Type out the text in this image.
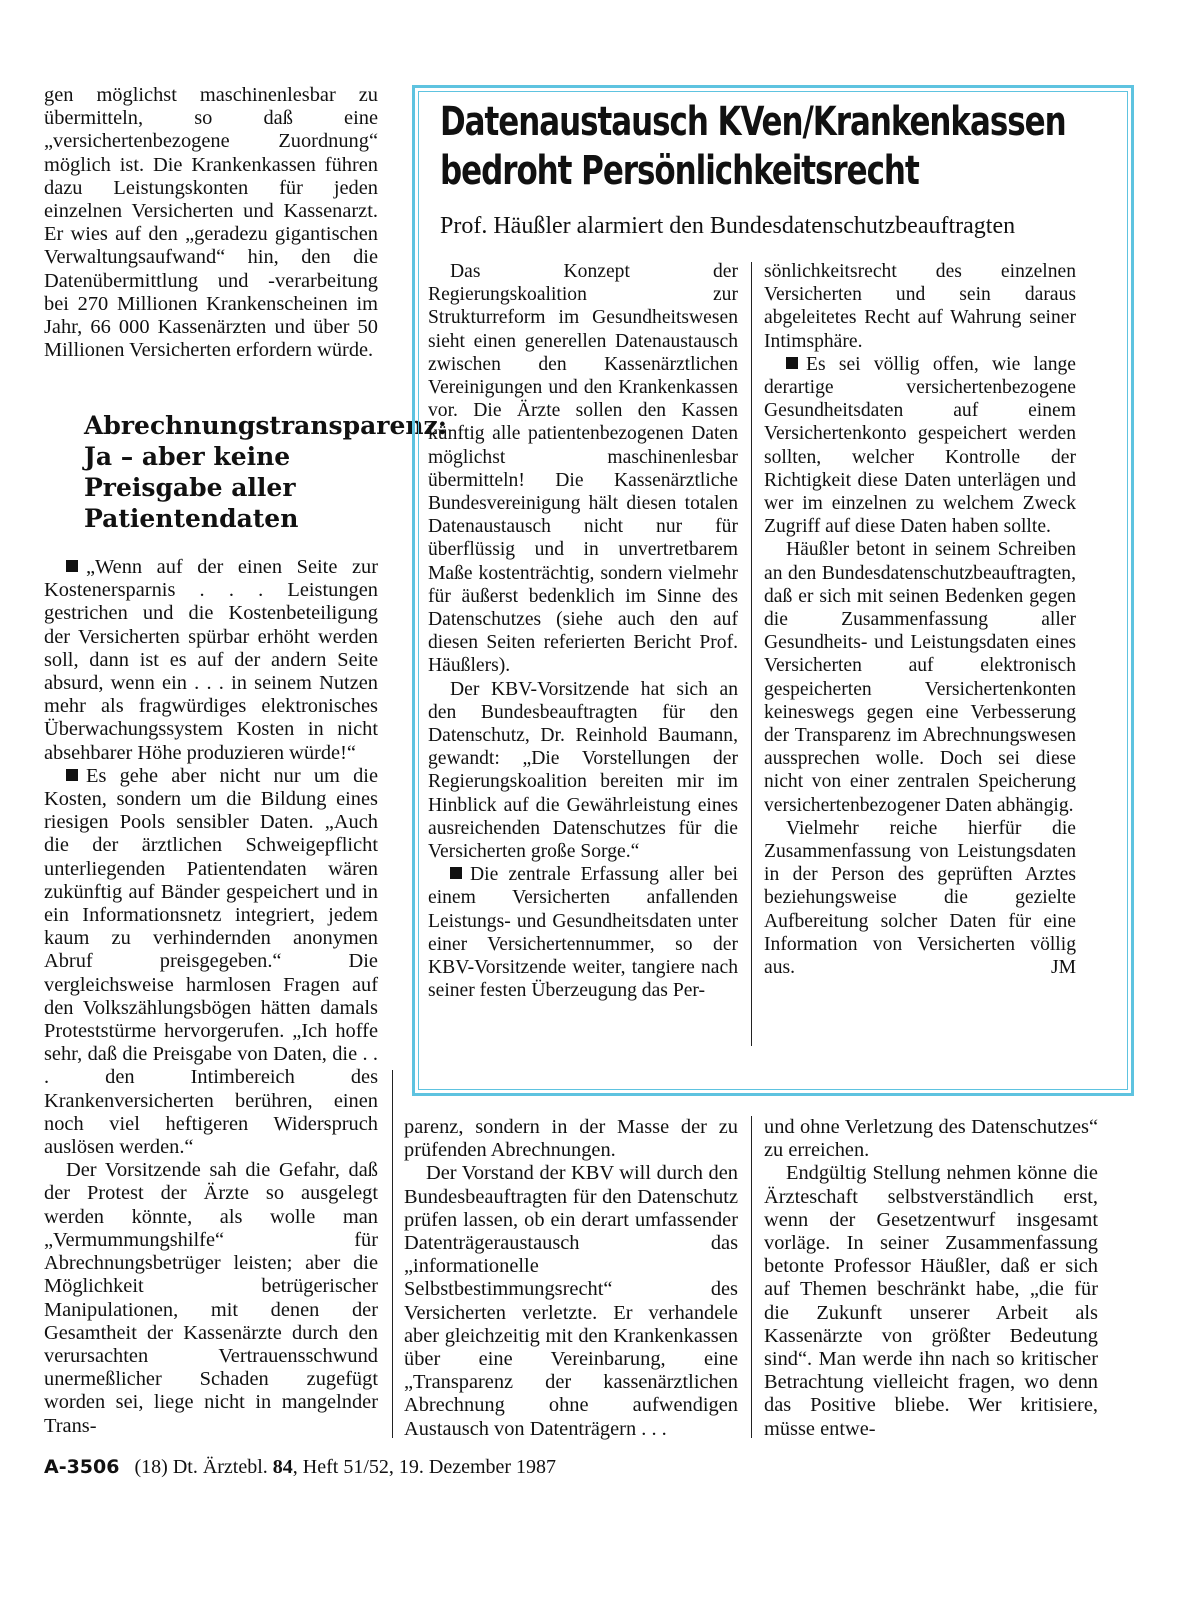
gen möglichst maschinenlesbar zu übermitteln, so daß eine „versichertenbezogene Zuordnung“ möglich ist. Die Krankenkassen führen dazu Leistungskonten für jeden einzelnen Versicherten und Kassenarzt. Er wies auf den „geradezu gigantischen Verwaltungsaufwand“ hin, den die Datenübermittlung und -verarbeitung bei 270 Millionen Krankenscheinen im Jahr, 66 000 Kassenärzten und über 50 Millionen Versicherten erfordern würde.

Abrechnungstransparenz: Ja – aber keine Preisgabe aller Patientendaten

„Wenn auf der einen Seite zur Kostenersparnis . . . Leistungen gestrichen und die Kostenbeteiligung der Versicherten spürbar erhöht werden soll, dann ist es auf der andern Seite absurd, wenn ein . . . in seinem Nutzen mehr als fragwürdiges elektronisches Überwachungssystem Kosten in nicht absehbarer Höhe produzieren würde!“

Es gehe aber nicht nur um die Kosten, sondern um die Bildung eines riesigen Pools sensibler Daten. „Auch die der ärztlichen Schweigepflicht unterliegenden Patientendaten wären zukünftig auf Bänder gespeichert und in ein Informationsnetz integriert, jedem kaum zu verhindernden anonymen Abruf preisgegeben.“ Die vergleichsweise harmlosen Fragen auf den Volkszählungsbögen hätten damals Proteststürme hervorgerufen. „Ich hoffe sehr, daß die Preisgabe von Daten, die . . . den Intimbereich des Krankenversicherten berühren, einen noch viel heftigeren Widerspruch auslösen werden.“

Der Vorsitzende sah die Gefahr, daß der Protest der Ärzte so ausgelegt werden könnte, als wolle man „Vermummungshilfe“ für Abrechnungsbetrüger leisten; aber die Möglichkeit betrügerischer Manipulationen, mit denen der Gesamtheit der Kassenärzte durch den verursachten Vertrauensschwund unermeßlicher Schaden zugefügt worden sei, liege nicht in mangelnder Trans-

Datenaustausch KVen/Krankenkassen
bedroht Persönlichkeitsrecht
Prof. Häußler alarmiert den Bundesdatenschutzbeauftragten

Das Konzept der Regierungskoalition zur Strukturreform im Gesundheitswesen sieht einen generellen Datenaustausch zwischen den Kassenärztlichen Vereinigungen und den Krankenkassen vor. Die Ärzte sollen den Kassen künftig alle patientenbezogenen Daten möglichst maschinenlesbar übermitteln! Die Kassenärztliche Bundesvereinigung hält diesen totalen Datenaustausch nicht nur für überflüssig und in unvertretbarem Maße kostenträchtig, sondern vielmehr für äußerst bedenklich im Sinne des Datenschutzes (siehe auch den auf diesen Seiten referierten Bericht Prof. Häußlers).

Der KBV-Vorsitzende hat sich an den Bundesbeauftragten für den Datenschutz, Dr. Reinhold Baumann, gewandt: „Die Vorstellungen der Regierungskoalition bereiten mir im Hinblick auf die Gewährleistung eines ausreichenden Datenschutzes für die Versicherten große Sorge.“

Die zentrale Erfassung aller bei einem Versicherten anfallenden Leistungs- und Gesundheitsdaten unter einer Versichertennummer, so der KBV-Vorsitzende weiter, tangiere nach seiner festen Überzeugung das Per-

sönlichkeitsrecht des einzelnen Versicherten und sein daraus abgeleitetes Recht auf Wahrung seiner Intimsphäre.

Es sei völlig offen, wie lange derartige versichertenbezogene Gesundheitsdaten auf einem Versichertenkonto gespeichert werden sollten, welcher Kontrolle der Richtigkeit diese Daten unterlägen und wer im einzelnen zu welchem Zweck Zugriff auf diese Daten haben sollte.

Häußler betont in seinem Schreiben an den Bundesdatenschutzbeauftragten, daß er sich mit seinen Bedenken gegen die Zusammenfassung aller Gesundheits- und Leistungsdaten eines Versicherten auf elektronisch gespeicherten Versichertenkonten keineswegs gegen eine Verbesserung der Transparenz im Abrechnungswesen aussprechen wolle. Doch sei diese nicht von einer zentralen Speicherung versichertenbezogener Daten abhängig.

Vielmehr reiche hierfür die Zusammenfassung von Leistungsdaten in der Person des geprüften Arztes beziehungsweise die gezielte Aufbereitung solcher Daten für eine Information von Versicherten völlig aus.	JM

parenz, sondern in der Masse der zu prüfenden Abrechnungen.

Der Vorstand der KBV will durch den Bundesbeauftragten für den Datenschutz prüfen lassen, ob ein derart umfassender Datenträgeraustausch das „informationelle Selbstbestimmungsrecht“ des Versicherten verletzte. Er verhandele aber gleichzeitig mit den Krankenkassen über eine Vereinbarung, eine „Transparenz der kassenärztlichen Abrechnung ohne aufwendigen Austausch von Datenträgern . . .

und ohne Verletzung des Datenschutzes“ zu erreichen.

Endgültig Stellung nehmen könne die Ärzteschaft selbstverständlich erst, wenn der Gesetzentwurf insgesamt vorläge. In seiner Zusammenfassung betonte Professor Häußler, daß er sich auf Themen beschränkt habe, „die für die Zukunft unserer Arbeit als Kassenärzte von größter Bedeutung sind“. Man werde ihn nach so kritischer Betrachtung vielleicht fragen, wo denn das Positive bliebe. Wer kritisiere, müsse entwe-

A-3506 (18) Dt. Ärztebl. 84, Heft 51/52, 19. Dezember 1987
